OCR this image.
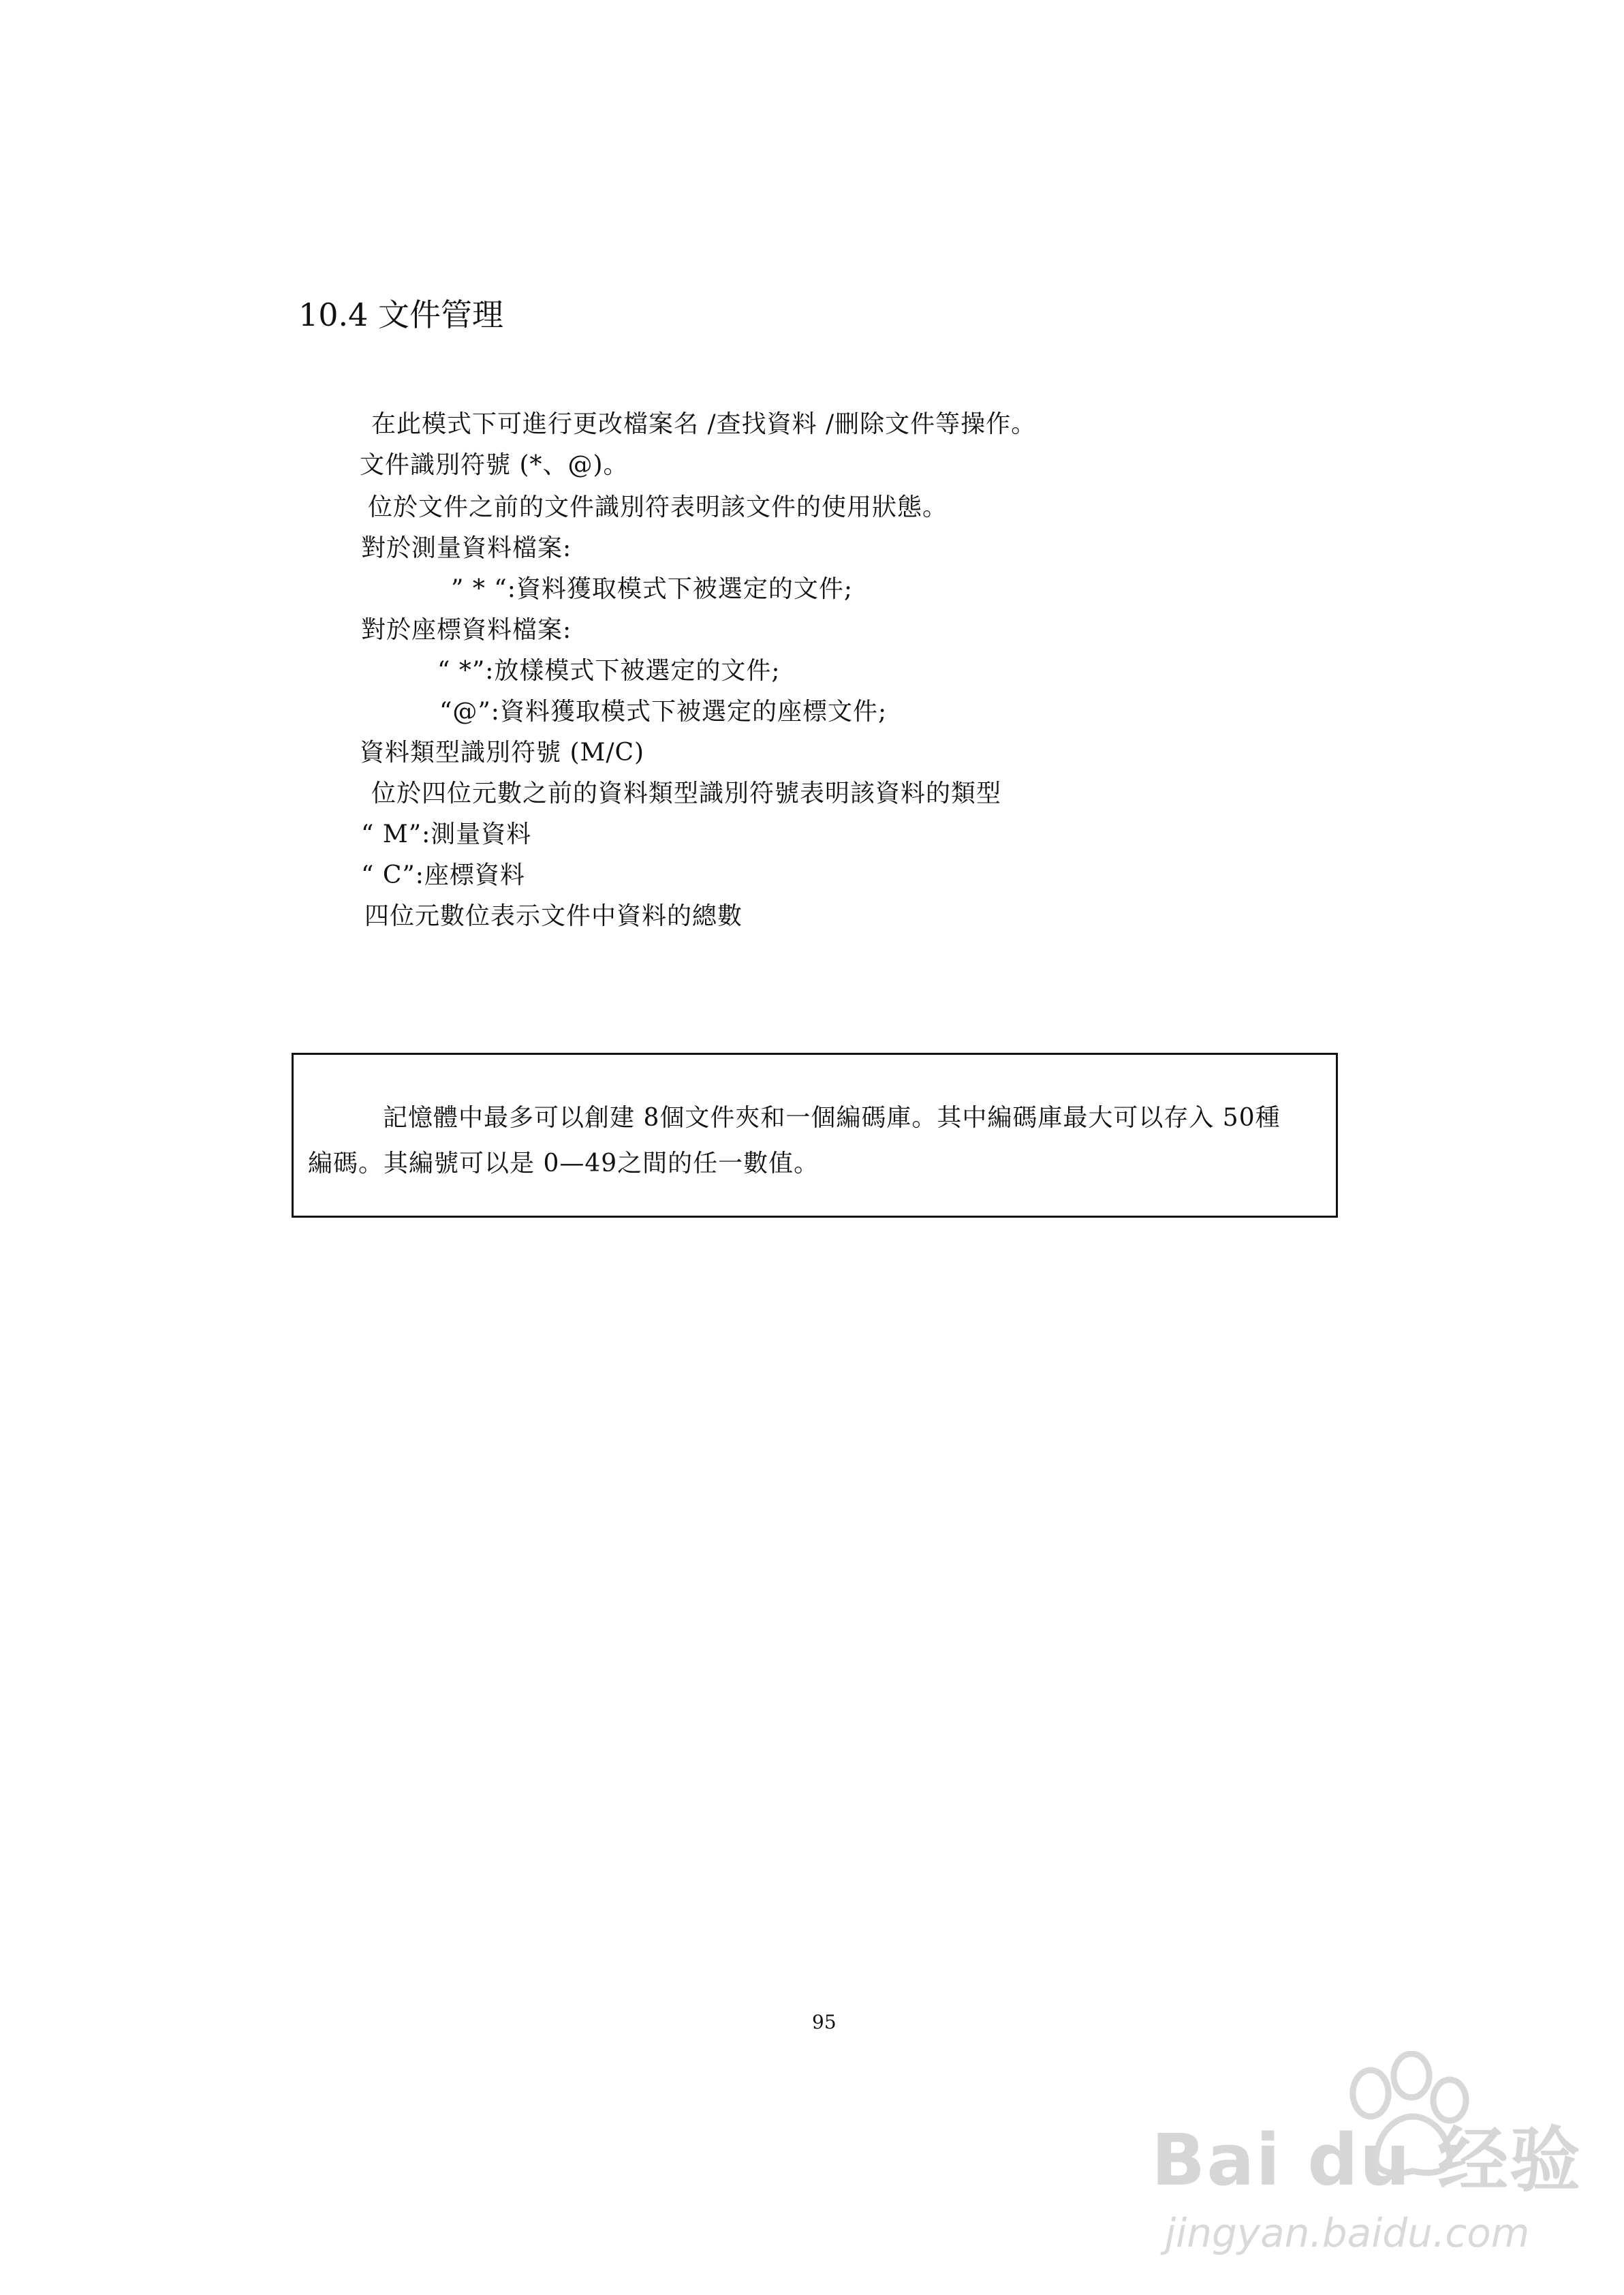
10.4 文件管理
在此模式下可進行更改檔案名 /查找資料 /刪除文件等操作。
文件識別符號 (*、@)。
位於文件之前的文件識別符表明該文件的使用狀態。
對於測量資料檔案:
” * “:資料獲取模式下被選定的文件;
對於座標資料檔案:
“ *”:放樣模式下被選定的文件;
“@”:資料獲取模式下被選定的座標文件;
資料類型識別符號 (M/C)
位於四位元數之前的資料類型識別符號表明該資料的類型
“ M”:測量資料
“ C”:座標資料
四位元數位表示文件中資料的總數
記憶體中最多可以創建 8個文件夾和一個編碼庫。其中編碼庫最大可以存入 50種
編碼。其編號可以是 0—49之間的任一數值。
95
Bai du 经验
jingyan.baidu.com
